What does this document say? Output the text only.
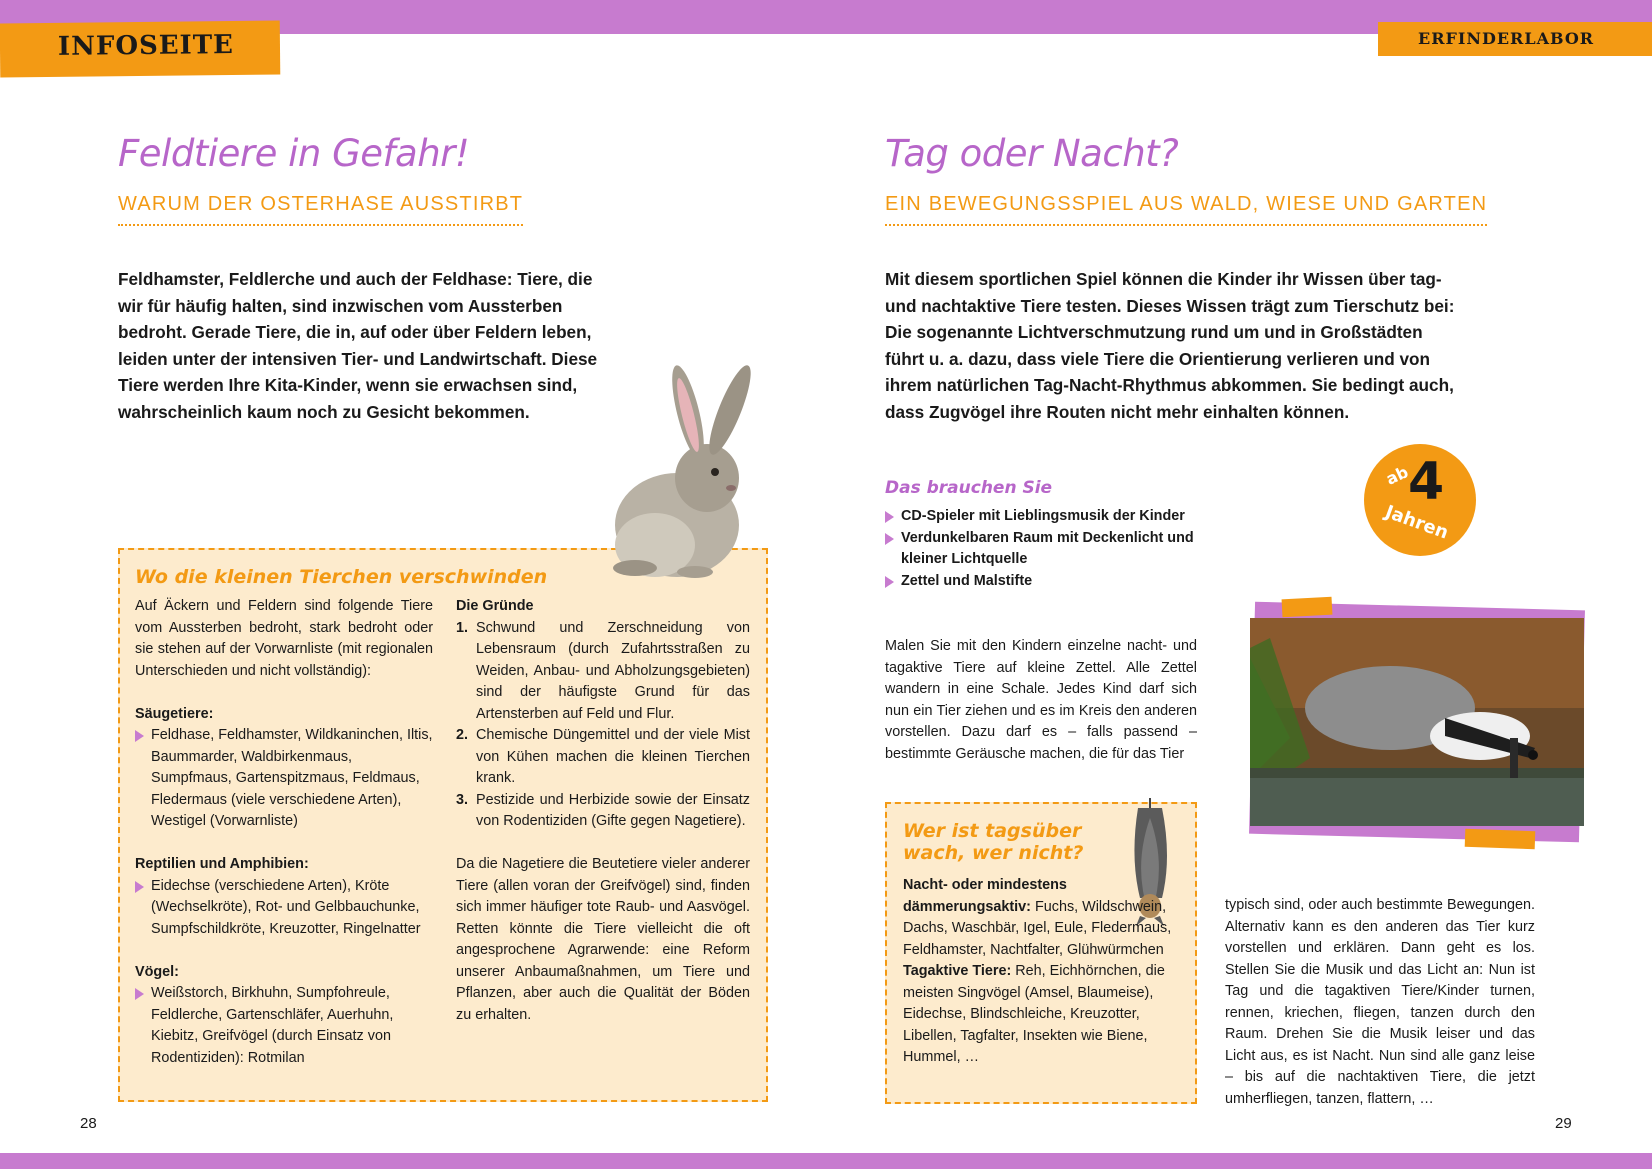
INFOSEITE	ERFINDERLABOR
Feldtiere in Gefahr!
WARUM DER OSTERHASE AUSSTIRBT
Feldhamster, Feldlerche und auch der Feldhase: Tiere, die
wir für häufig halten, sind inzwischen vom Aussterben
bedroht. Gerade Tiere, die in, auf oder über Feldern leben,
leiden unter der intensiven Tier- und Landwirtschaft. Diese
Tiere werden Ihre Kita-Kinder, wenn sie erwachsen sind,
wahrscheinlich kaum noch zu Gesicht bekommen.
Wo die kleinen Tierchen verschwinden
Auf Äckern und Feldern sind folgende Tiere vom Aussterben bedroht, stark bedroht oder sie stehen auf der Vorwarnliste (mit regionalen Unterschieden und nicht vollständig):
Säugetiere:
Feldhase, Feldhamster, Wildkaninchen, Iltis, Baummarder, Waldbirkenmaus, Sumpfmaus, Gartenspitzmaus, Feldmaus, Fledermaus (viele verschiedene Arten), Westigel (Vorwarnliste)
Reptilien und Amphibien:
Eidechse (verschiedene Arten), Kröte (Wechselkröte), Rot- und Gelbbauchunke, Sumpfschildkröte, Kreuzotter, Ringelnatter
Vögel:
Weißstorch, Birkhuhn, Sumpfohreule, Feldlerche, Gartenschläfer, Auerhuhn, Kiebitz, Greifvögel (durch Einsatz von Rodentiziden): Rotmilan
Die Gründe
1. Schwund und Zerschneidung von Lebensraum (durch Zufahrtsstraßen zu Weiden, Anbau- und Abholzungsgebieten) sind der häufigste Grund für das Artensterben auf Feld und Flur.
2. Chemische Düngemittel und der viele Mist von Kühen machen die kleinen Tierchen krank.
3. Pestizide und Herbizide sowie der Einsatz von Rodentiziden (Gifte gegen Nagetiere).
Da die Nagetiere die Beutetiere vieler anderer Tiere (allen voran der Greifvögel) sind, finden sich immer häufiger tote Raub- und Aasvögel. Retten könnte die Tiere vielleicht die oft angesprochene Agrarwende: eine Reform unserer Anbaumaßnahmen, um Tiere und Pflanzen, aber auch die Qualität der Böden zu erhalten.
28
Tag oder Nacht?
EIN BEWEGUNGSSPIEL AUS WALD, WIESE UND GARTEN
Mit diesem sportlichen Spiel können die Kinder ihr Wissen über tag-
und nachtaktive Tiere testen. Dieses Wissen trägt zum Tierschutz bei:
Die sogenannte Lichtverschmutzung rund um und in Großstädten
führt u. a. dazu, dass viele Tiere die Orientierung verlieren und von
ihrem natürlichen Tag-Nacht-Rhythmus abkommen. Sie bedingt auch,
dass Zugvögel ihre Routen nicht mehr einhalten können.
Das brauchen Sie
CD-Spieler mit Lieblingsmusik der Kinder
Verdunkelbaren Raum mit Deckenlicht und kleiner Lichtquelle
Zettel und Malstifte
ab
4
Jahren
Malen Sie mit den Kindern einzelne nacht- und tagaktive Tiere auf kleine Zettel. Alle Zettel wandern in eine Schale. Jedes Kind darf sich nun ein Tier ziehen und es im Kreis den anderen vorstellen. Dazu darf es – falls passend – bestimmte Geräusche machen, die für das Tier
Wer ist tagsüber
wach, wer nicht?
Nacht- oder mindestens dämmerungsaktiv: Fuchs, Wildschwein, Dachs, Waschbär, Igel, Eule, Fledermaus, Feldhamster, Nachtfalter, Glühwürmchen
Tagaktive Tiere: Reh, Eichhörnchen, die meisten Singvögel (Amsel, Blaumeise), Eidechse, Blindschleiche, Kreuzotter, Libellen, Tagfalter, Insekten wie Biene, Hummel, …
typisch sind, oder auch bestimmte Bewegungen. Alternativ kann es den anderen das Tier kurz vorstellen und erklären. Dann geht es los. Stellen Sie die Musik und das Licht an: Nun ist Tag und die tagaktiven Tiere/Kinder turnen, rennen, kriechen, fliegen, tanzen durch den Raum. Drehen Sie die Musik leiser und das Licht aus, es ist Nacht. Nun sind alle ganz leise – bis auf die nachtaktiven Tiere, die jetzt umherfliegen, tanzen, flattern, …
29
